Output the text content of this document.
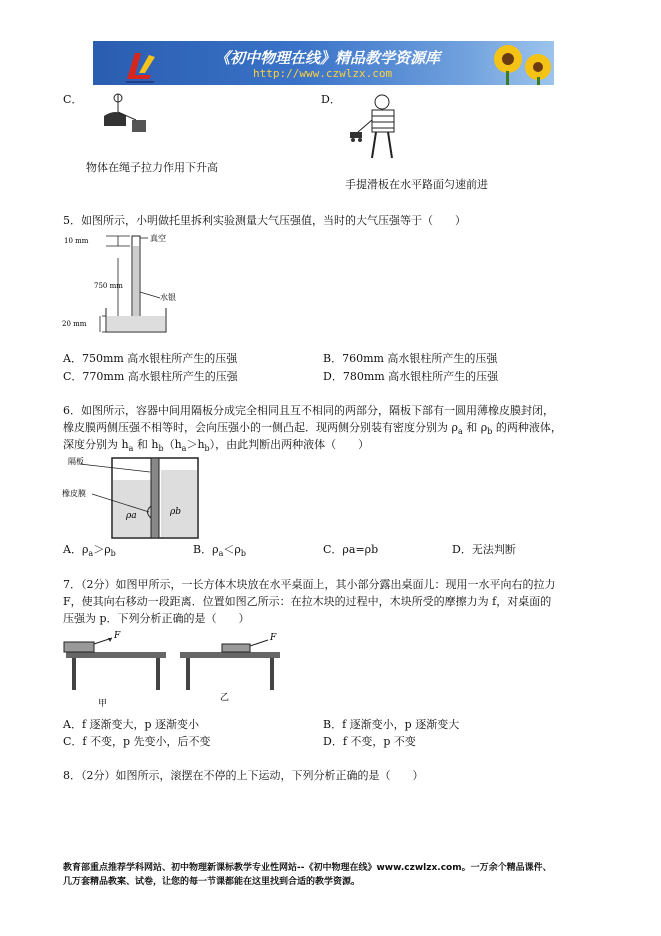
《初中物理在线》精品教学资源库
http://www.czwlzx.com
C．	D．
物体在绳子拉力作用下升高
手提滑板在水平路面匀速前进
5．如图所示，小明做托里拆利实验测量大气压强值，当时的大气压强等于（　　）
10 mm	真空
750 mm
水银
20 mm
A．750mm 高水银柱所产生的压强	B．760mm 高水银柱所产生的压强
C．770mm 高水银柱所产生的压强	D．780mm 高水银柱所产生的压强
6．如图所示，容器中间用隔板分成完全相同且互不相同的两部分，隔板下部有一圆用薄橡皮膜封闭，
橡皮膜两侧压强不相等时，会向压强小的一侧凸起．现两侧分别装有密度分别为 $\rho_a$ 和 $\rho_b$ 的两种液体，
深度分别为 $h_a$ 和 $h_b(h_a>h_b)$，由此判断出两种液体（　　）
隔板
橡皮膜
ρa	ρb
A．$\rho_a>\rho_b$	B．$\rho_a<\rho_b$	C．ρa=ρb	D．无法判断
7．（2分）如图甲所示，一长方体木块放在水平桌面上，其小部分露出桌面儿：现用一水平向右的拉力
F，使其向右移动一段距离．位置如图乙所示：在拉木块的过程中，木块所受的摩擦力为 f，对桌面的
压强为 p．下列分析正确的是（　　）
F
甲
F
乙
A．f 逐渐变大，p 逐渐变小	B．f 逐渐变小，p 逐渐变大
C．f 不变，p 先变小，后不变	D．f 不变，p 不变
8．（2分）如图所示，滚摆在不停的上下运动，下列分析正确的是（　　）
教育部重点推荐学科网站、初中物理新课标教学专业性网站--《初中物理在线》www.czwlzx.com。一万余个精品课件、
几万套精品教案、试卷，让您的每一节课都能在这里找到合适的教学资源。
